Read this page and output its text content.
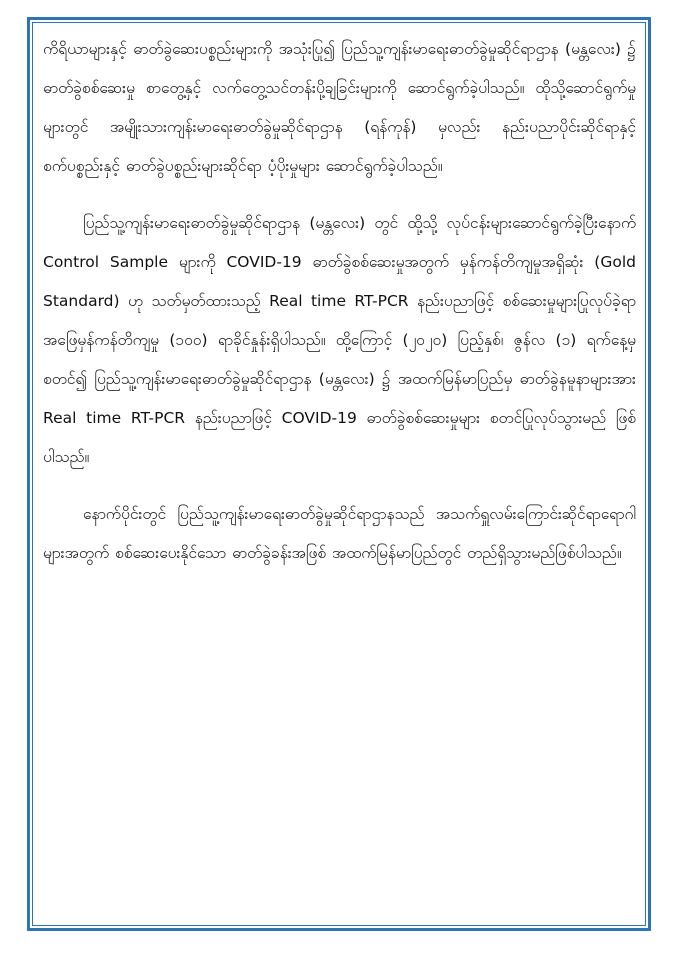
ကိရိယာများနှင့် ဓာတ်ခွဲဆေးပစ္စည်းများကို အသုံးပြု၍ ပြည်သူ့ကျန်းမာရေးဓာတ်ခွဲမှုဆိုင်ရာဌာန (မန္တလေး) ၌ ဓာတ်ခွဲစစ်ဆေးမှု စာတွေ့နှင့် လက်တွေ့သင်တန်းပို့ချခြင်းများကို ဆောင်ရွက်ခဲ့ပါသည်။ ထိုသို့ဆောင်ရွက်မှုများတွင် အမျိုးသားကျန်းမာရေးဓာတ်ခွဲမှုဆိုင်ရာဌာန (ရန်ကုန်) မှလည်း နည်းပညာပိုင်းဆိုင်ရာနှင့် စက်ပစ္စည်းနှင့် ဓာတ်ခွဲပစ္စည်းများဆိုင်ရာ ပံ့ပိုးမှုများ ဆောင်ရွက်ခဲ့ပါသည်။

ပြည်သူ့ကျန်းမာရေးဓာတ်ခွဲမှုဆိုင်ရာဌာန (မန္တလေး) တွင် ထို့သို့ လုပ်ငန်းများဆောင်ရွက်ခဲ့ပြီးနောက် Control Sample များကို COVID-19 ဓာတ်ခွဲစစ်ဆေးမှုအတွက် မှန်ကန်တိကျမှုအရှိဆုံး (Gold Standard) ဟု သတ်မှတ်ထားသည့် Real time RT-PCR နည်းပညာဖြင့် စစ်ဆေးမှုများပြုလုပ်ခဲ့ရာ အဖြေမှန်ကန်တိကျမှု (၁၀၀) ရာခိုင်နှုန်းရှိပါသည်။ ထို့ကြောင့် (၂၀၂၀) ပြည့်နှစ်၊ ဇွန်လ (၁) ရက်နေ့မှ စတင်၍ ပြည်သူ့ကျန်းမာရေးဓာတ်ခွဲမှုဆိုင်ရာဌာန (မန္တလေး) ၌ အထက်မြန်မာပြည်မှ ဓာတ်ခွဲနမူနာများအား Real time RT-PCR နည်းပညာဖြင့် COVID-19 ဓာတ်ခွဲစစ်ဆေးမှုများ စတင်ပြုလုပ်သွားမည် ဖြစ်ပါသည်။

နောက်ပိုင်းတွင် ပြည်သူ့ကျန်းမာရေးဓာတ်ခွဲမှုဆိုင်ရာဌာနသည် အသက်ရှူလမ်းကြောင်းဆိုင်ရာရောဂါများအတွက် စစ်ဆေးပေးနိုင်သော ဓာတ်ခွဲခန်းအဖြစ် အထက်မြန်မာပြည်တွင် တည်ရှိသွားမည်ဖြစ်ပါသည်။
